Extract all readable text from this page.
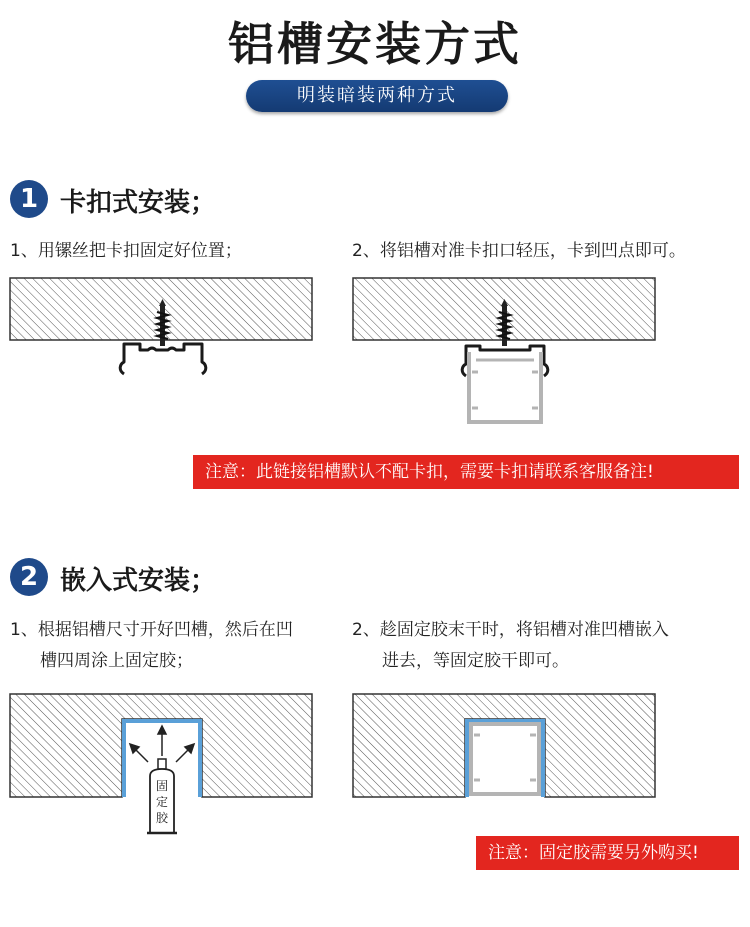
铝槽安装方式
明装暗装两种方式
1 卡扣式安装；
1、用镙丝把卡扣固定好位置；	2、将铝槽对准卡扣口轻压，卡到凹点即可。
固
定
胶
注意：此链接铝槽默认不配卡扣，需要卡扣请联系客服备注!
2 嵌入式安装；
1、根据铝槽尺寸开好凹槽，然后在凹
槽四周涂上固定胶；
2、趁固定胶末干时，将铝槽对准凹槽嵌入
进去，等固定胶干即可。
注意：固定胶需要另外购买!
